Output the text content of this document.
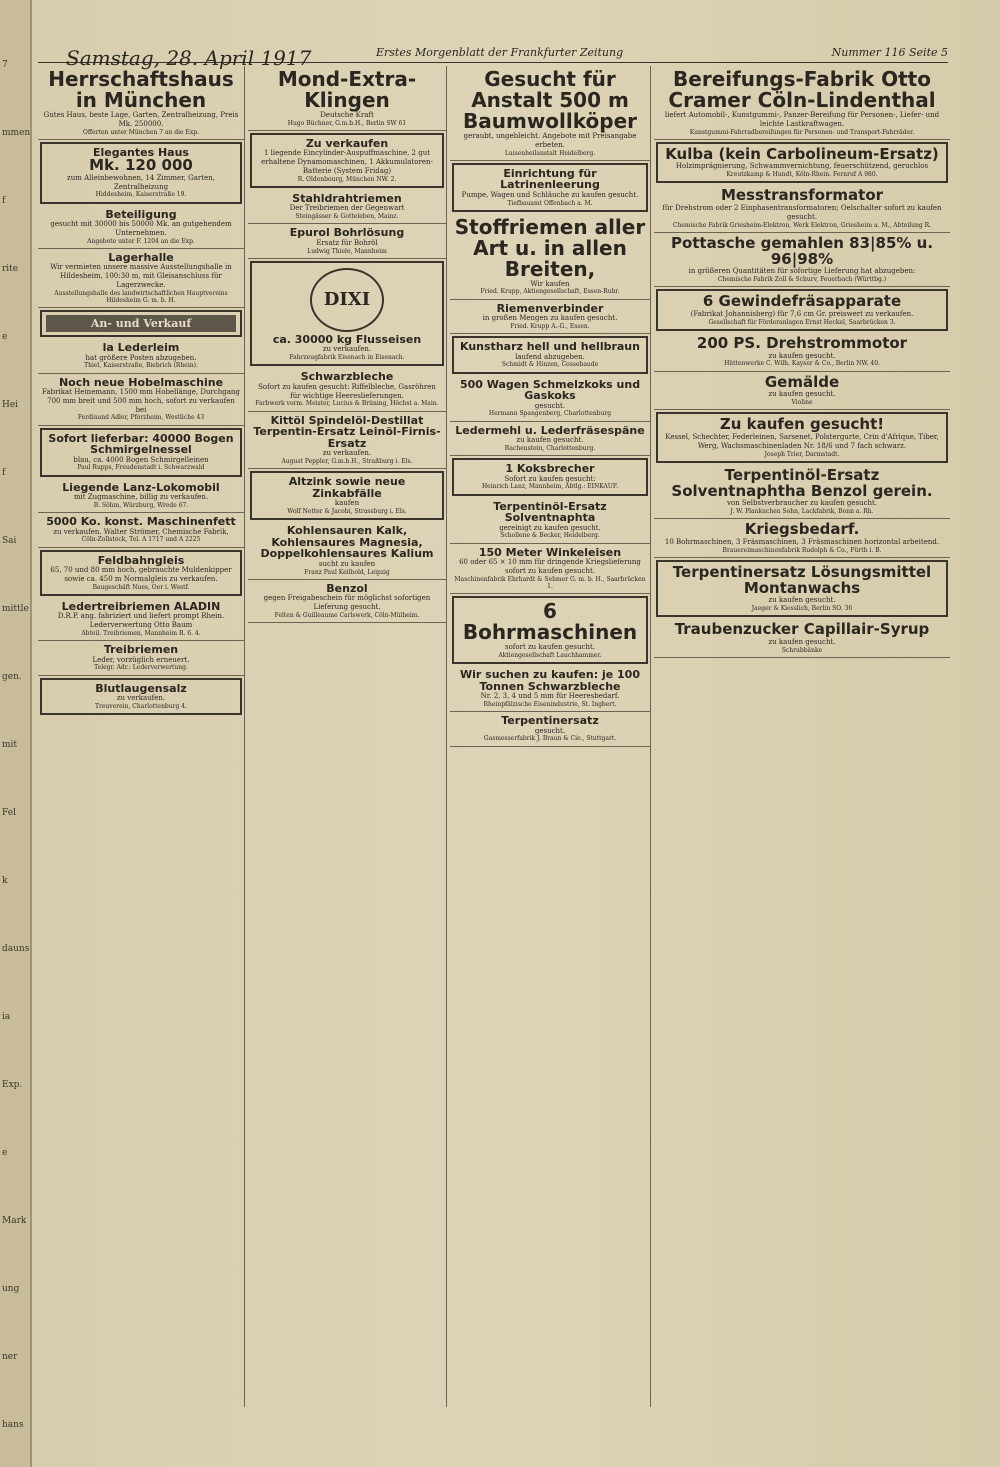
7
mmen
f
rite
e
Hei
f
Sai
mittle
gen.
mit
Fel
k
dauns
ia
Exp.
e
Mark
ung
ner
hans
Samstag, 28. April 1917	Erstes Morgenblatt der Frankfurter Zeitung	Nummer 116 Seite 5
Herrschaftshaus in München
Gutes Haus, beste Lage, Garten, Zentralheizung, Preis Mk. 250000.
Offerten unter München 7 an die Exp.
Elegantes Haus
Mk. 120 000
zum Alleinbewohnen, 14 Zimmer, Garten, Zentralheizung
Hiddesheim, Kaiserstraße 19.
Beteiligung
gesucht mit 30000 bis 50000 Mk. an gutgehendem Unternehmen.
Angebote unter F. 1204 an die Exp.
Lagerhalle
Wir vermieten unsere massive Ausstellungshalle in Hildesheim, 100:30 m, mit Gleisanschluss für Lagerzwecke.
Ausstellungshalle des landwirtschaftlichen Hauptvereins Hildesheim G. m. b. H.
An- und Verkauf
la Lederleim
hat größere Posten abzugeben.
Thiel, Kaiserstraße, Biebrich (Rhein).
Noch neue Hobelmaschine
Fabrikat Heinemann, 1500 mm Hobellänge, Durchgang 700 mm breit und 500 mm hoch, sofort zu verkaufen bei
Ferdinand Adler, Pforzheim, Westliche 43
Sofort lieferbar: 40000 Bogen Schmirgelnessel
blau, ca. 4000 Bogen Schmirgelleinen
Paul Rupps, Freudenstadt i. Schwarzwald
Liegende Lanz-Lokomobil
mit Zugmaschine, billig zu verkaufen.
B. Söhm, Würzburg, Wrede 67.
5000 Ko. konst. Maschinenfett
zu verkaufen. Walter Strömer, Chemische Fabrik,
Cöln-Zollstock, Tel. A 1717 und A 2225
Feldbahngleis
65, 70 und 80 mm hoch, gebrauchte Muldenkipper sowie ca. 450 m Normalgleis zu verkaufen.
Baugeschäft Nues, Oer i. Westf.
Ledertreibriemen ALADIN
D.R.P. ang. fabriziert und liefert prompt Rhein. Lederverwertung Otto Baum
Abteil. Treibriemen, Mannheim R. 6. 4.
Treibriemen
Leder, vorzüglich erneuert.
Telegr. Adr.: Lederverwertung.
Blutlaugensalz
zu verkaufen.
Treuverein, Charlottenburg 4.
Mond-Extra-Klingen
Deutsche Kraft
Hugo Büchner, G.m.b.H., Berlin SW 61
Zu verkaufen
1 liegende Eincylinder-Auspuffmaschine, 2 gut erhaltene Dynamomaschinen, 1 Akkumulatoren-Batterie (System Fridag)
R. Oldenbourg, München NW. 2.
Stahldrahtriemen
Der Treibriemen der Gegenwart
Steingässer & Gotteleben, Mainz.
Epurol Bohrlösung
Ersatz für Bohröl
Ludwig Thiele, Mannheim
DIXI
ca. 30000 kg Flusseisen
zu verkaufen.
Fahrzeugfabrik Eisenach in Eisenach.
Schwarzbleche
Sofort zu kaufen gesucht: Riffelbleche, Gasröhren für wichtige Heereslieferungen.
Farbwerk vorm. Meister, Lucius & Brüning, Höchst a. Main.
Kittöl Spindelöl-Destillat Terpentin-Ersatz Leinöl-Firnis-Ersatz
zu verkaufen.
August Peppler, G.m.b.H., Straßburg i. Els.
Altzink sowie neue Zinkabfälle
kaufen
Wolf Netter & Jacobi, Strassburg i. Els.
Kohlensauren Kalk, Kohlensaures Magnesia, Doppelkohlensaures Kalium
sucht zu kaufen
Franz Paul Keilhold, Leipzig
Benzol
gegen Freigabeschein für möglichst sofortigen Lieferung gesucht.
Felten & Guilleaume Carlswerk, Cöln-Mülheim.
Gesucht für Anstalt 500 m Baumwollköper
geraubt, ungebleicht. Angebote mit Preisangabe erbeten.
Luisenheilanstalt Heidelberg.
Einrichtung für Latrinenleerung
Pumpe, Wagen und Schläuche zu kaufen gesucht.
Tiefbauamt Offenbach a. M.
Stoffriemen aller Art u. in allen Breiten,
Wir kaufen
Fried. Krupp, Aktiengesellschaft, Essen-Ruhr.
Riemenverbinder
in großen Mengen zu kaufen gesucht.
Fried. Krupp A.-G., Essen.
Kunstharz hell und hellbraun
laufend abzugeben.
Schmidt & Hinzen, Cossebaude
500 Wagen Schmelzkoks und Gaskoks
gesucht.
Hermann Spangenberg, Charlottenburg
Ledermehl u. Lederfräsespäne
zu kaufen gesucht.
Rachenstein, Charlottenburg.
1 Koksbrecher
Sofort zu kaufen gesucht:
Heinrich Lanz, Mannheim, Abtlg.: EINKAUF.
Terpentinöl-Ersatz Solventnaphta
gereinigt zu kaufen gesucht.
Schollene & Becker, Heidelberg.
150 Meter Winkeleisen
60 oder 65 × 10 mm für dringende Kriegslieferung sofort zu kaufen gesucht.
Maschinenfabrik Ehrhardt & Sehmer G. m. b. H., Saarbrücken 1.
6 Bohrmaschinen
sofort zu kaufen gesucht.
Aktiengesellschaft Lauchhammer.
Wir suchen zu kaufen: je 100 Tonnen Schwarzbleche
Nr. 2, 3, 4 und 5 mm für Heeresbedarf.
Rheinpfälzische Eisenindustrie, St. Ingbert.
Terpentinersatz
gesucht.
Gasmesserfabrik J. Braun & Cie., Stuttgart.
Bereifungs-Fabrik Otto Cramer Cöln-Lindenthal
liefert Automobil-, Kunstgummi-, Panzer-Bereifung für Personen-, Liefer- und leichte Lastkraftwagen.
Kunstgummi-Fahrradbereifungen für Personen- und Transport-Fahrräder.
Kulba (kein Carbolineum-Ersatz)
Holzimprägnierung, Schwammvernichtung, feuerschützend, geruchlos
Kreutzkamp & Hundt, Köln-Rhein. Fernruf A 980.
Messtransformator
für Drehstrom oder 2 Einphasentransformatoren; Oelschalter sofort zu kaufen gesucht.
Chemische Fabrik Griesheim-Elektron, Werk Elektron, Griesheim a. M., Abteilung R.
Pottasche gemahlen 83|85% u. 96|98%
in größeren Quantitäten für sofortige Lieferung hat abzugeben:
Chemische Fabrik Zoll & Schurv, Feuerbach (Württbg.)
6 Gewindefräsapparate
(Fabrikat Johannisberg) für 7,6 cm Gr. preiswert zu verkaufen.
Gesellschaft für Förderanlagen Ernst Heckel, Saarbrücken 3.
200 PS. Drehstrommotor
zu kaufen gesucht.
Hüttenwerke C. Wilh. Kayser & Co., Berlin NW. 40.
Gemälde
zu kaufen gesucht.
Violine
Zu kaufen gesucht!
Kessel, Schechter, Federleinen, Sarsenet, Polstergurte, Crin d'Afrique, Tiber, Werg, Wachsmaschinenladen Nr. 18/6 und 7 fach schwarz.
Joseph Trier, Darmstadt.
Terpentinöl-Ersatz Solventnaphtha Benzol gerein.
von Selbstverbraucher zu kaufen gesucht.
J. W. Plankuchen Sohn, Lackfabrik, Bonn a. Rh.
Kriegsbedarf.
10 Bohrmaschinen, 3 Fräsmaschinen, 3 Fräsmaschinen horizontal arbeitend.
Brauereimaschinenfabrik Rudolph & Co., Fürth i. B.
Terpentinersatz Lösungsmittel Montanwachs
zu kaufen gesucht.
Jaeger & Kiesslich, Berlin SO. 36
Traubenzucker Capillair-Syrup
zu kaufen gesucht.
Schrubbänke
